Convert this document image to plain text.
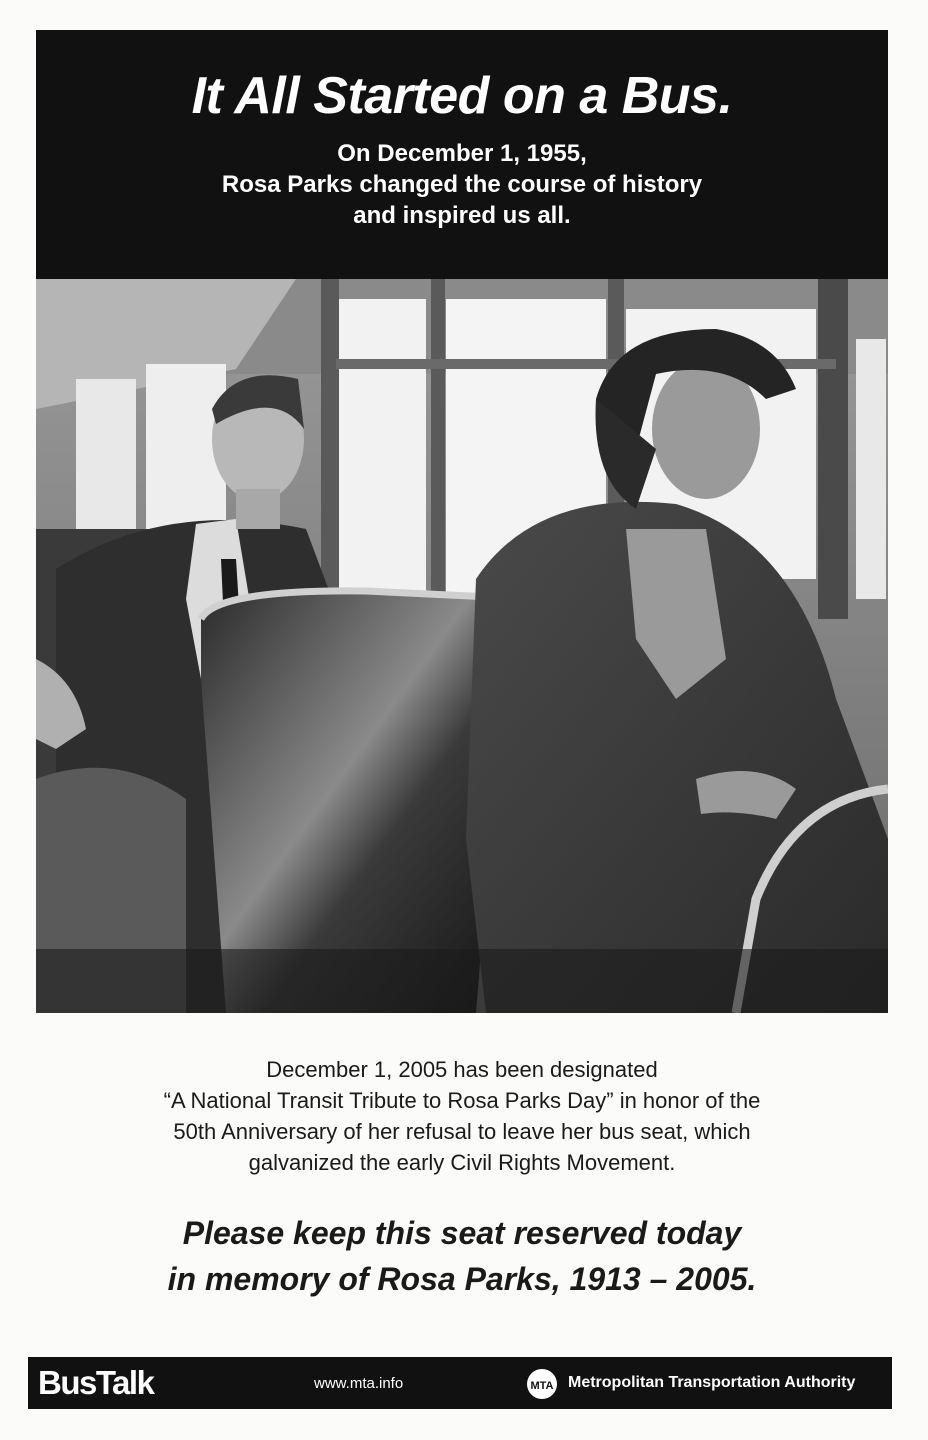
It All Started on a Bus.
On December 1, 1955,
Rosa Parks changed the course of history
and inspired us all.
December 1, 2005 has been designated
“A National Transit Tribute to Rosa Parks Day” in honor of the
50th Anniversary of her refusal to leave her bus seat, which
galvanized the early Civil Rights Movement.
Please keep this seat reserved today
in memory of Rosa Parks, 1913 – 2005.
BusTalk	www.mta.info	MTA Metropolitan Transportation Authority
